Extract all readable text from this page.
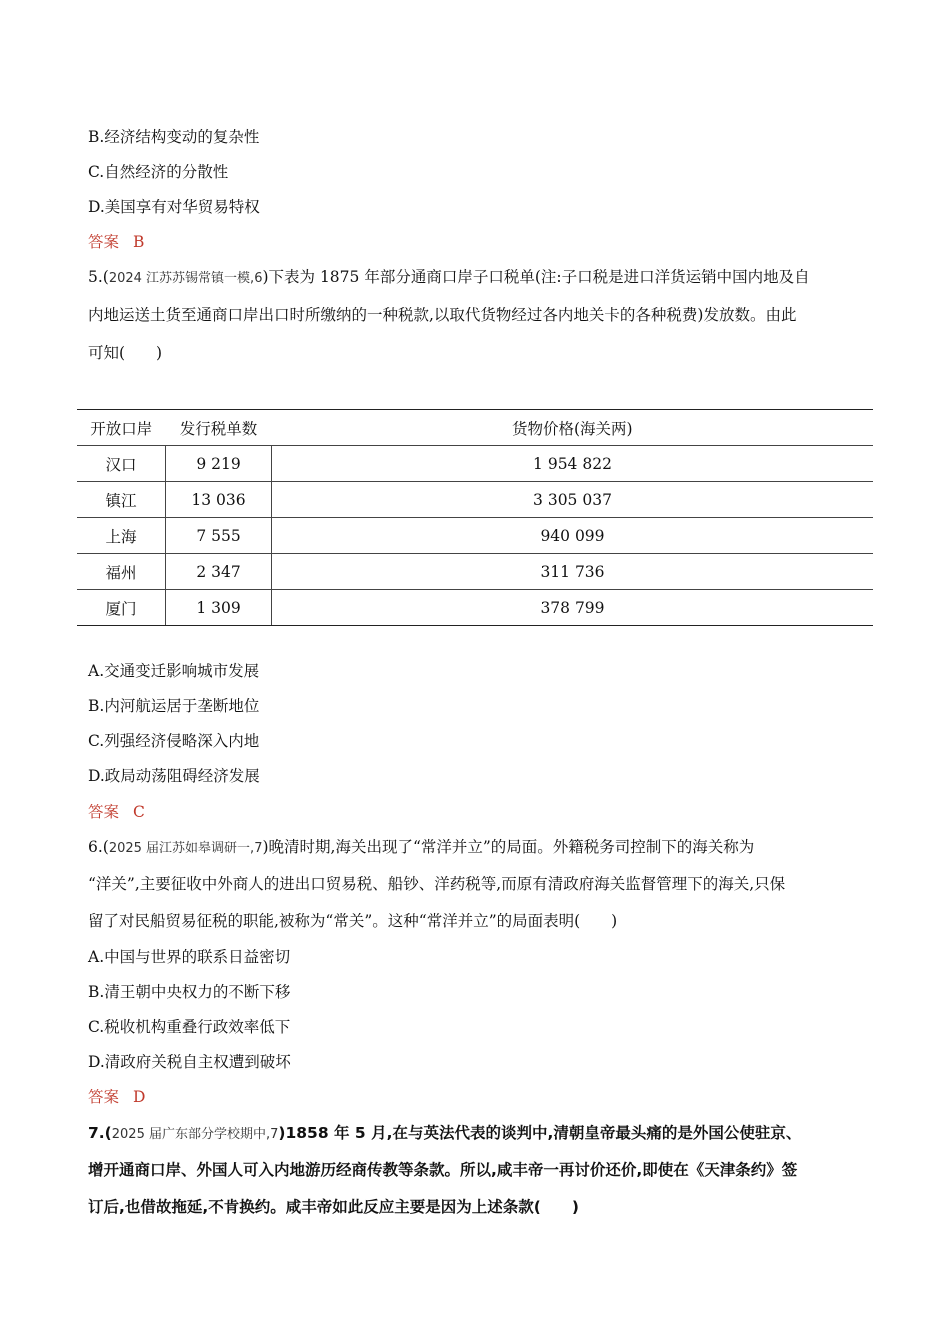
B.经济结构变动的复杂性
C.自然经济的分散性
D.美国享有对华贸易特权
答案 B
5.(2024 江苏苏锡常镇一模,6)下表为 1875 年部分通商口岸子口税单(注:子口税是进口洋货运销中国内地及自
内地运送土货至通商口岸出口时所缴纳的一种税款,以取代货物经过各内地关卡的各种税费)发放数。由此
可知(　　)
开放口岸	发行税单数	货物价格(海关两)
汉口	9 219	1 954 822
镇江	13 036	3 305 037
上海	7 555	940 099
福州	2 347	311 736
厦门	1 309	378 799
A.交通变迁影响城市发展
B.内河航运居于垄断地位
C.列强经济侵略深入内地
D.政局动荡阻碍经济发展
答案 C
6.(2025 届江苏如皋调研一,7)晚清时期,海关出现了“常洋并立”的局面。外籍税务司控制下的海关称为
“洋关”,主要征收中外商人的进出口贸易税、船钞、洋药税等,而原有清政府海关监督管理下的海关,只保
留了对民船贸易征税的职能,被称为“常关”。这种“常洋并立”的局面表明(　　)
A.中国与世界的联系日益密切
B.清王朝中央权力的不断下移
C.税收机构重叠行政效率低下
D.清政府关税自主权遭到破坏
答案 D
7.(2025 届广东部分学校期中,7)1858 年 5 月,在与英法代表的谈判中,清朝皇帝最头痛的是外国公使驻京、
增开通商口岸、外国人可入内地游历经商传教等条款。所以,咸丰帝一再讨价还价,即使在《天津条约》签
订后,也借故拖延,不肯换约。咸丰帝如此反应主要是因为上述条款(　　)
